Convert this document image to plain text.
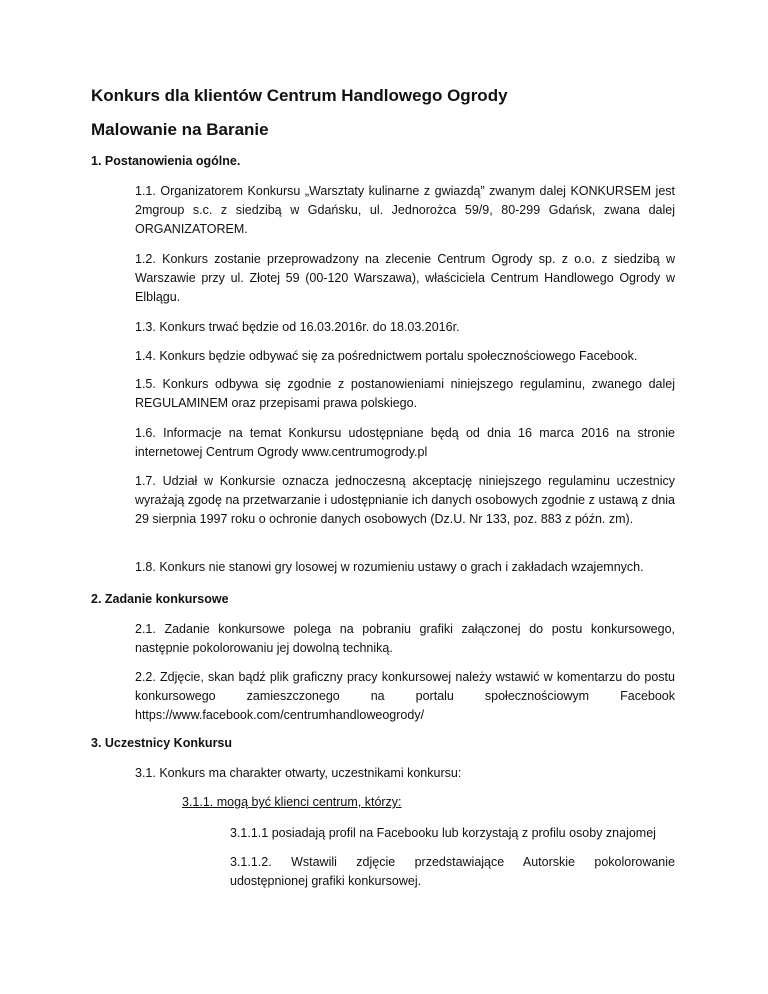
Konkurs dla klientów Centrum Handlowego Ogrody
Malowanie na Baranie
1. Postanowienia ogólne.
1.1. Organizatorem Konkursu „Warsztaty kulinarne z gwiazdą” zwanym dalej KONKURSEM jest 2mgroup s.c. z siedzibą w Gdańsku, ul. Jednorożca 59/9, 80-299 Gdańsk, zwana dalej ORGANIZATOREM.
1.2. Konkurs zostanie przeprowadzony na zlecenie Centrum Ogrody sp. z o.o. z siedzibą w Warszawie przy ul. Złotej 59 (00-120 Warszawa), właściciela Centrum Handlowego Ogrody w Elblągu.
1.3. Konkurs trwać będzie od 16.03.2016r. do 18.03.2016r.
1.4. Konkurs będzie odbywać się za pośrednictwem portalu społecznościowego Facebook.
1.5. Konkurs odbywa się zgodnie z postanowieniami niniejszego regulaminu, zwanego dalej REGULAMINEM oraz przepisami prawa polskiego.
1.6. Informacje na temat Konkursu udostępniane będą od dnia 16 marca 2016 na stronie internetowej Centrum Ogrody www.centrumogrody.pl
1.7. Udział w Konkursie oznacza jednoczesną akceptację niniejszego regulaminu uczestnicy wyrażają zgodę na przetwarzanie i udostępnianie ich danych osobowych zgodnie z ustawą z dnia 29 sierpnia 1997 roku o ochronie danych osobowych (Dz.U. Nr 133, poz. 883 z późn. zm).
1.8. Konkurs nie stanowi gry losowej w rozumieniu ustawy o grach i zakładach wzajemnych.
2. Zadanie konkursowe
2.1. Zadanie konkursowe polega na pobraniu grafiki załączonej do postu konkursowego, następnie pokolorowaniu jej dowolną techniką.
2.2. Zdjęcie, skan bądź plik graficzny pracy konkursowej należy wstawić w komentarzu do postu konkursowego zamieszczonego na portalu społecznościowym Facebook https://www.facebook.com/centrumhandloweogrody/
3. Uczestnicy Konkursu
3.1. Konkurs ma charakter otwarty, uczestnikami konkursu:
3.1.1. mogą być klienci centrum, którzy:
3.1.1.1 posiadają profil na Facebooku lub korzystają z profilu osoby znajomej
3.1.1.2. Wstawili zdjęcie przedstawiające Autorskie pokolorowanie udostępnionej grafiki konkursowej.
